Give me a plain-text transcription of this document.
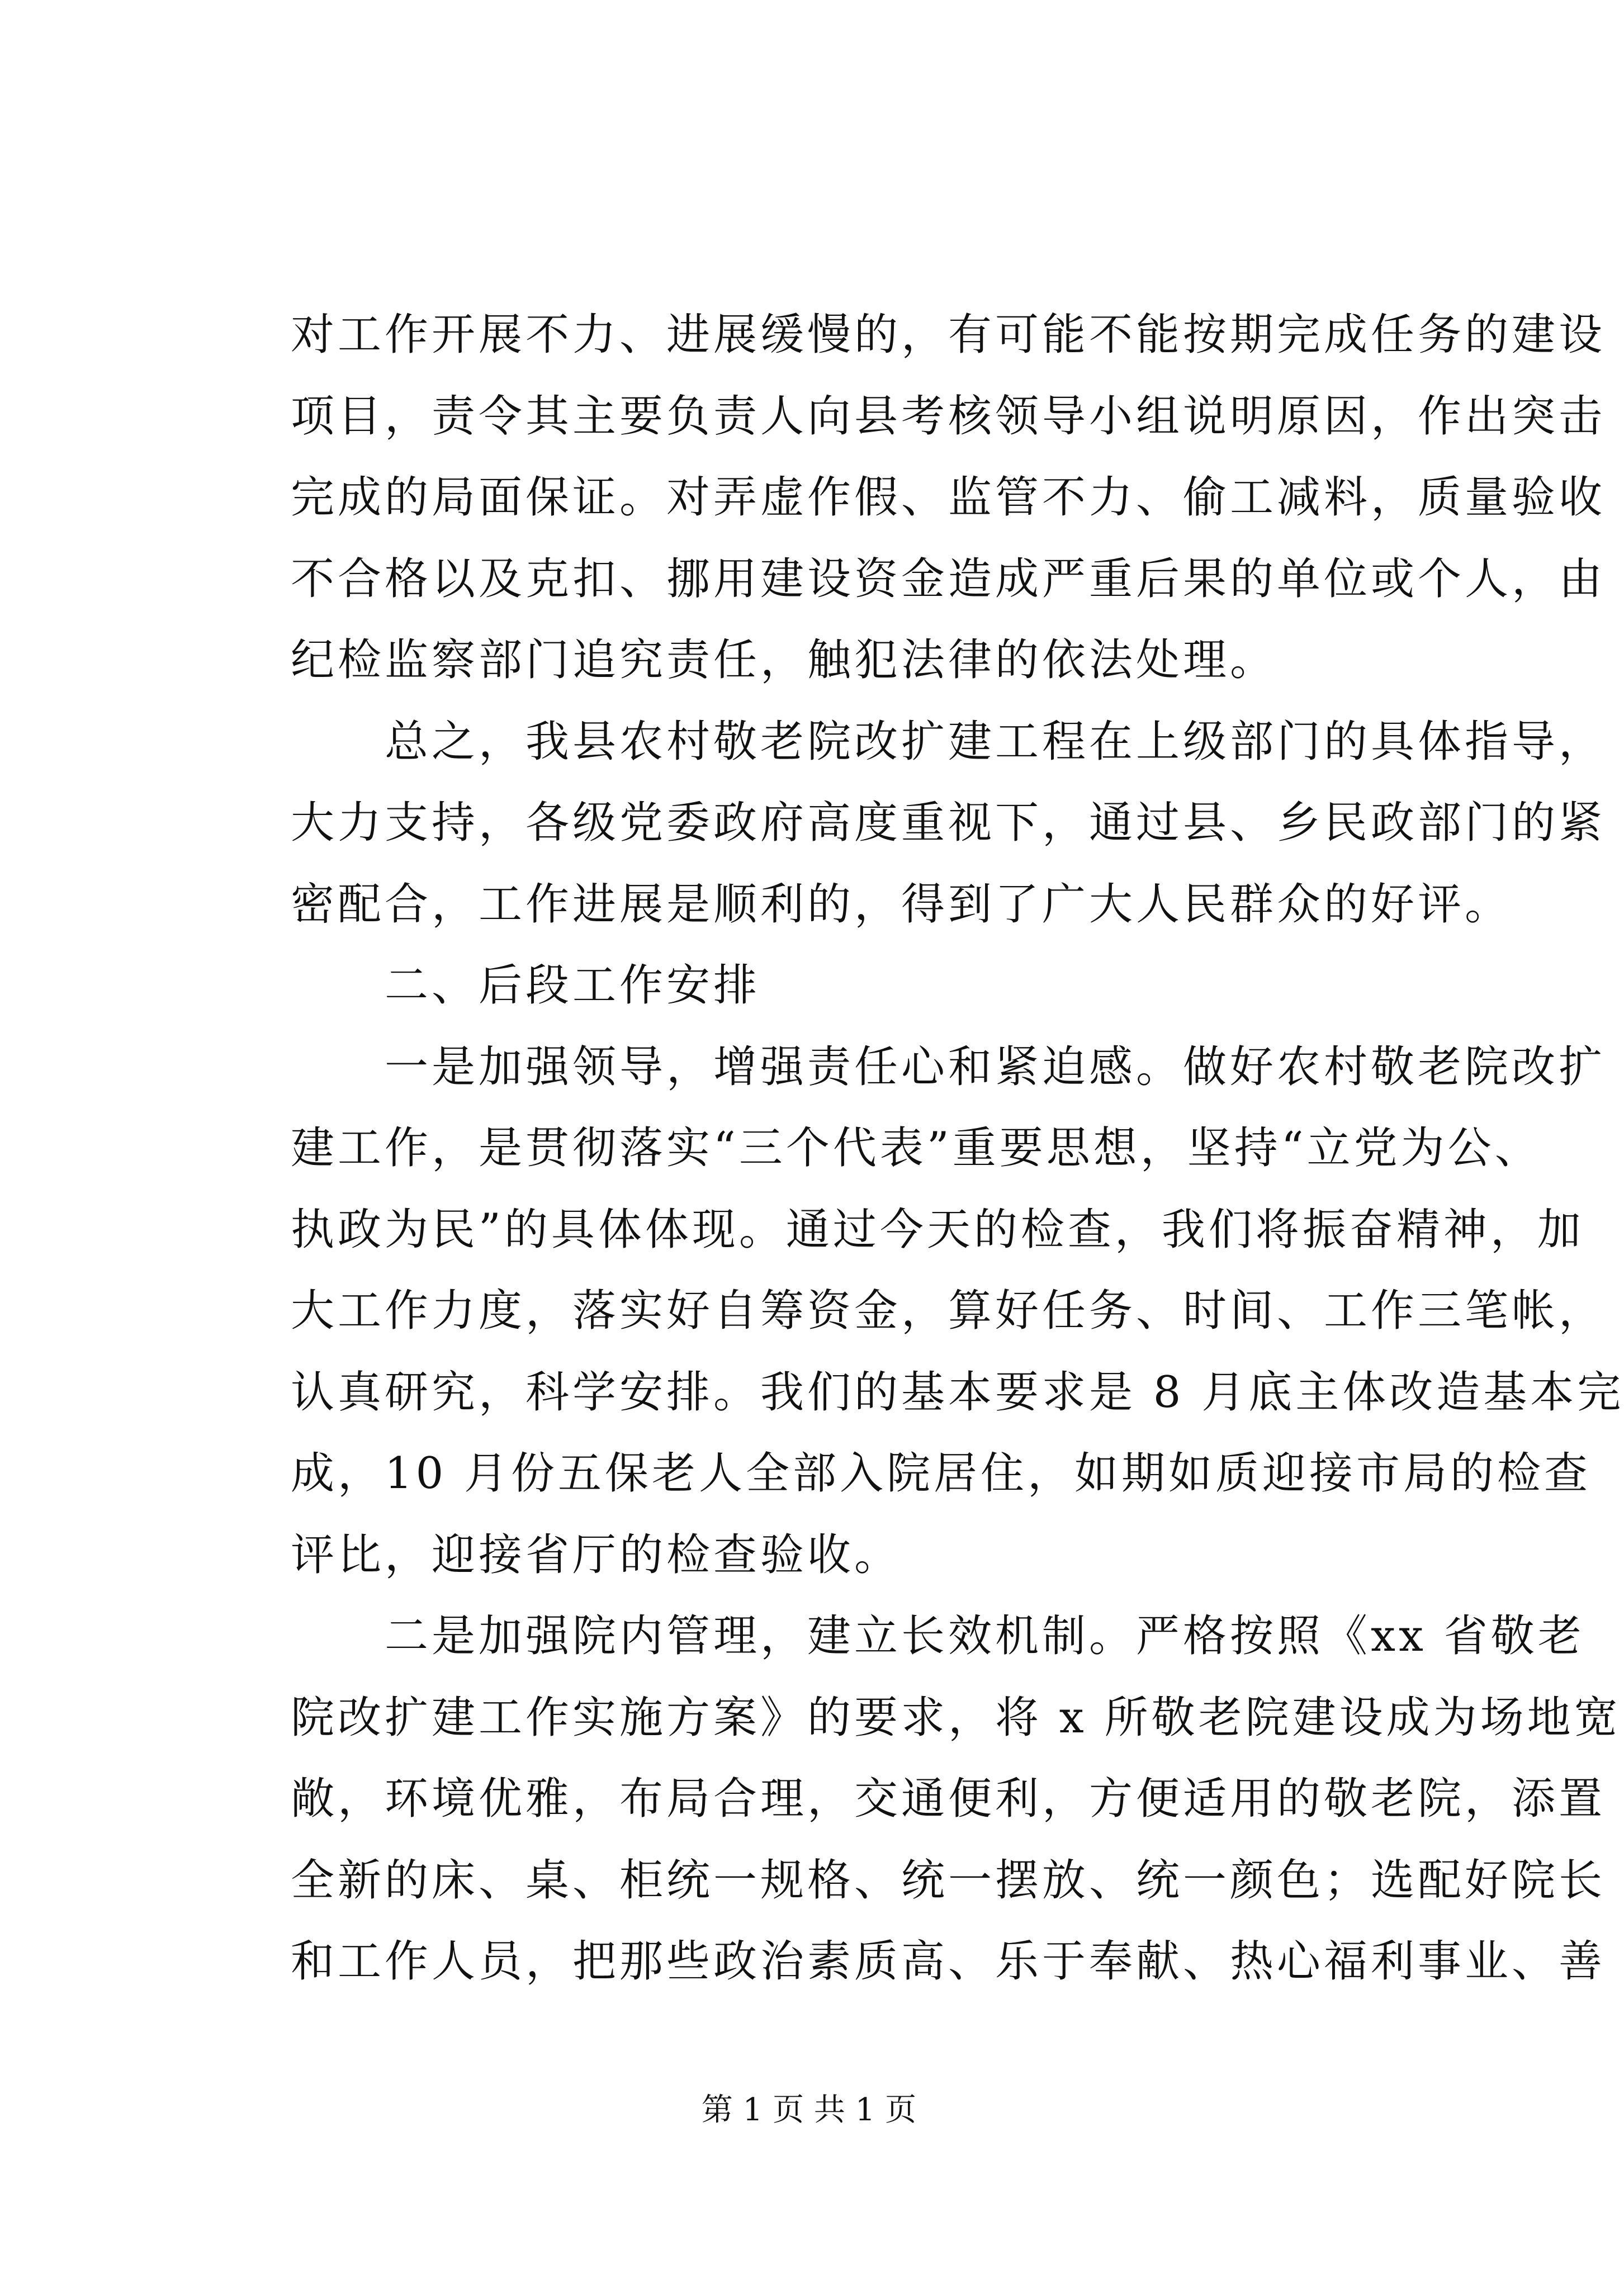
对工作开展不力、进展缓慢的，有可能不能按期完成任务的建设
项目，责令其主要负责人向县考核领导小组说明原因，作出突击
完成的局面保证。对弄虚作假、监管不力、偷工减料，质量验收
不合格以及克扣、挪用建设资金造成严重后果的单位或个人，由
纪检监察部门追究责任，触犯法律的依法处理。
　　总之，我县农村敬老院改扩建工程在上级部门的具体指导，
大力支持，各级党委政府高度重视下，通过县、乡民政部门的紧
密配合，工作进展是顺利的，得到了广大人民群众的好评。
　　二、后段工作安排
　　一是加强领导，增强责任心和紧迫感。做好农村敬老院改扩
建工作，是贯彻落实“三个代表”重要思想，坚持“立党为公、
执政为民”的具体体现。通过今天的检查，我们将振奋精神，加
大工作力度，落实好自筹资金，算好任务、时间、工作三笔帐，
认真研究，科学安排。我们的基本要求是 8 月底主体改造基本完
成，10 月份五保老人全部入院居住，如期如质迎接市局的检查
评比，迎接省厅的检查验收。
　　二是加强院内管理，建立长效机制。严格按照《xx 省敬老
院改扩建工作实施方案》的要求，将 x 所敬老院建设成为场地宽
敞，环境优雅，布局合理，交通便利，方便适用的敬老院，添置
全新的床、桌、柜统一规格、统一摆放、统一颜色；选配好院长
和工作人员，把那些政治素质高、乐于奉献、热心福利事业、善
第 1 页 共 1 页
